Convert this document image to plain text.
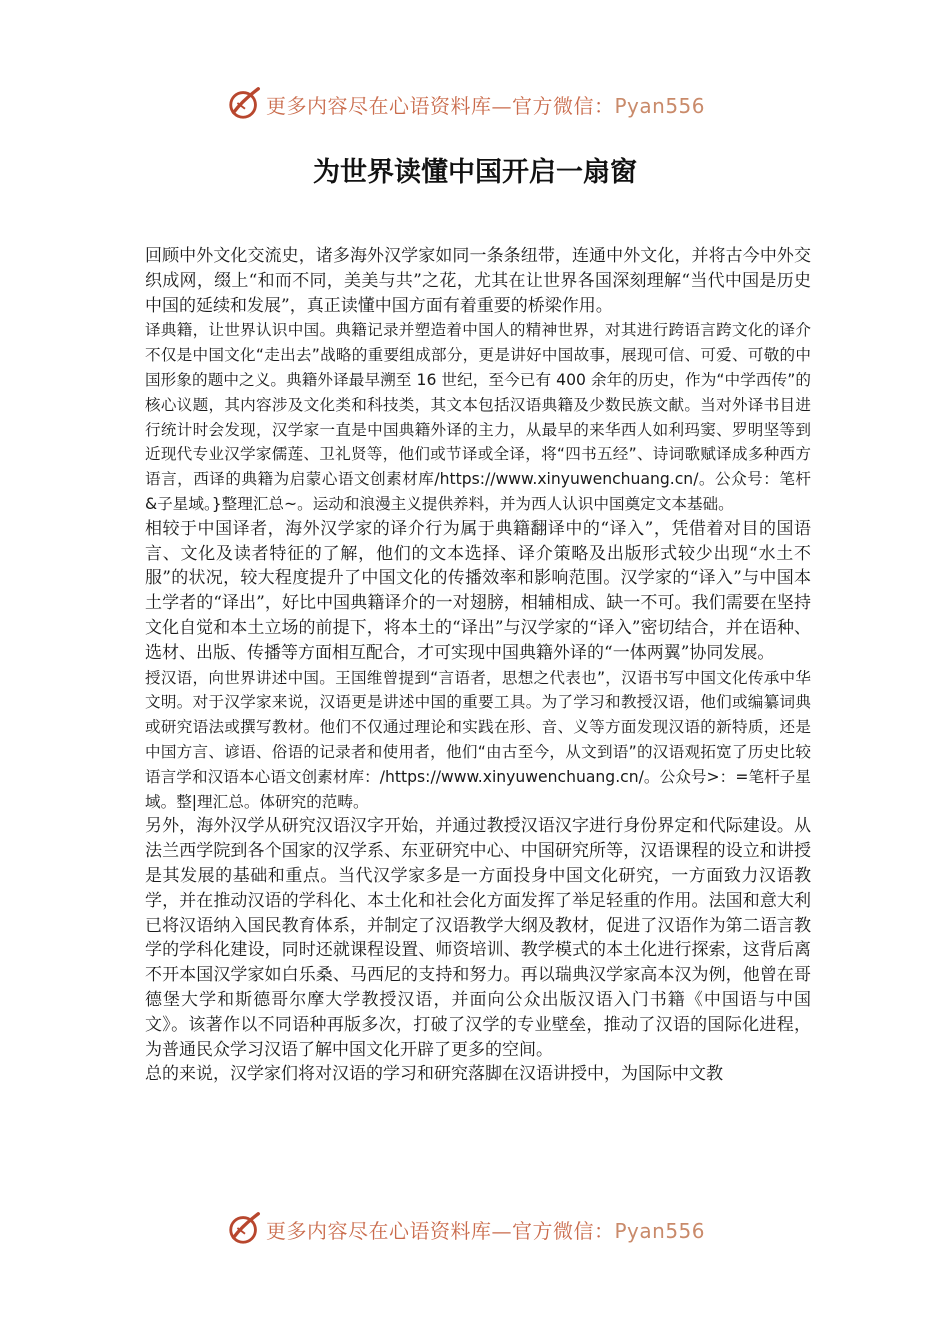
更多内容尽在心语资料库—官方微信：Pyan556
为世界读懂中国开启一扇窗

回顾中外文化交流史，诸多海外汉学家如同一条条纽带，连通中外文化，并将古今中外交织成网，缀上“和而不同，美美与共”之花，尤其在让世界各国深刻理解“当代中国是历史中国的延续和发展”，真正读懂中国方面有着重要的桥梁作用。

译典籍，让世界认识中国。典籍记录并塑造着中国人的精神世界，对其进行跨语言跨文化的译介不仅是中国文化“走出去”战略的重要组成部分，更是讲好中国故事，展现可信、可爱、可敬的中国形象的题中之义。典籍外译最早溯至 16 世纪，至今已有 400 余年的历史，作为“中学西传”的核心议题，其内容涉及文化类和科技类，其文本包括汉语典籍及少数民族文献。当对外译书目进行统计时会发现，汉学家一直是中国典籍外译的主力，从最早的来华西人如利玛窦、罗明坚等到近现代专业汉学家儒莲、卫礼贤等，他们或节译或全译，将“四书五经”、诗词歌赋译成多种西方语言，西译的典籍为启蒙心语文创素材库/https://www.xinyuwenchuang.cn/。公众号：笔杆&子星域。}整理汇总~。运动和浪漫主义提供养料，并为西人认识中国奠定文本基础。

相较于中国译者，海外汉学家的译介行为属于典籍翻译中的“译入”，凭借着对目的国语言、文化及读者特征的了解，他们的文本选择、译介策略及出版形式较少出现“水土不服”的状况，较大程度提升了中国文化的传播效率和影响范围。汉学家的“译入”与中国本土学者的“译出”，好比中国典籍译介的一对翅膀，相辅相成、缺一不可。我们需要在坚持文化自觉和本土立场的前提下，将本土的“译出”与汉学家的“译入”密切结合，并在语种、选材、出版、传播等方面相互配合，才可实现中国典籍外译的“一体两翼”协同发展。

授汉语，向世界讲述中国。王国维曾提到“言语者，思想之代表也”，汉语书写中国文化传承中华文明。对于汉学家来说，汉语更是讲述中国的重要工具。为了学习和教授汉语，他们或编纂词典或研究语法或撰写教材。他们不仅通过理论和实践在形、音、义等方面发现汉语的新特质，还是中国方言、谚语、俗语的记录者和使用者，他们“由古至今，从文到语”的汉语观拓宽了历史比较语言学和汉语本心语文创素材库：/https://www.xinyuwenchuang.cn/。公众号>：=笔杆子星域。整|理汇总。体研究的范畴。

另外，海外汉学从研究汉语汉字开始，并通过教授汉语汉字进行身份界定和代际建设。从法兰西学院到各个国家的汉学系、东亚研究中心、中国研究所等，汉语课程的设立和讲授是其发展的基础和重点。当代汉学家多是一方面投身中国文化研究，一方面致力汉语教学，并在推动汉语的学科化、本土化和社会化方面发挥了举足轻重的作用。法国和意大利已将汉语纳入国民教育体系，并制定了汉语教学大纲及教材，促进了汉语作为第二语言教学的学科化建设，同时还就课程设置、师资培训、教学模式的本土化进行探索，这背后离不开本国汉学家如白乐桑、马西尼的支持和努力。再以瑞典汉学家高本汉为例，他曾在哥德堡大学和斯德哥尔摩大学教授汉语，并面向公众出版汉语入门书籍《中国语与中国文》。该著作以不同语种再版多次，打破了汉学的专业壁垒，推动了汉语的国际化进程，为普通民众学习汉语了解中国文化开辟了更多的空间。

总的来说，汉学家们将对汉语的学习和研究落脚在汉语讲授中，为国际中文教

更多内容尽在心语资料库—官方微信：Pyan556
